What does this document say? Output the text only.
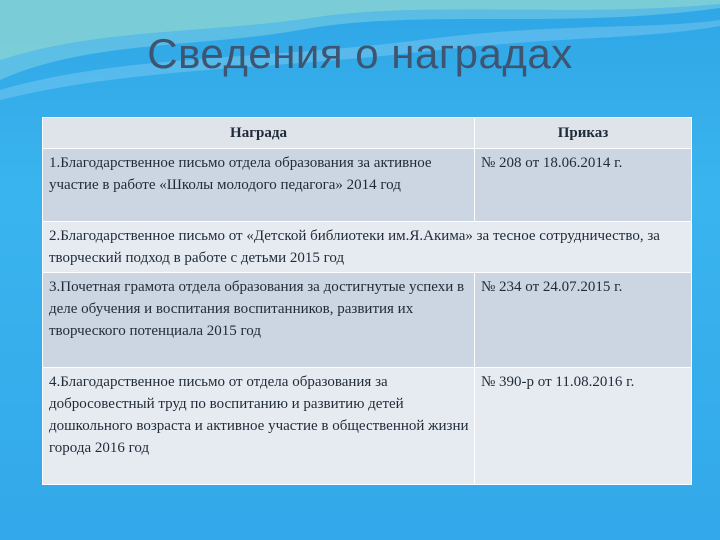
Сведения о наградах
Награда	Приказ
1.Благодарственное письмо отдела образования за активное участие в работе «Школы молодого педагога» 2014 год	№ 208 от 18.06.2014 г.
2.Благодарственное письмо от «Детской библиотеки им.Я.Акима» за тесное сотрудничество, за творческий подход в работе с детьми 2015 год	
3.Почетная грамота отдела образования за достигнутые успехи в деле обучения и воспитания воспитанников, развития их творческого потенциала 2015 год	№ 234 от 24.07.2015 г.
4.Благодарственное письмо от отдела образования за добросовестный труд по воспитанию и развитию детей дошкольного возраста и активное участие в общественной жизни города 2016 год	№ 390-р от 11.08.2016 г.
